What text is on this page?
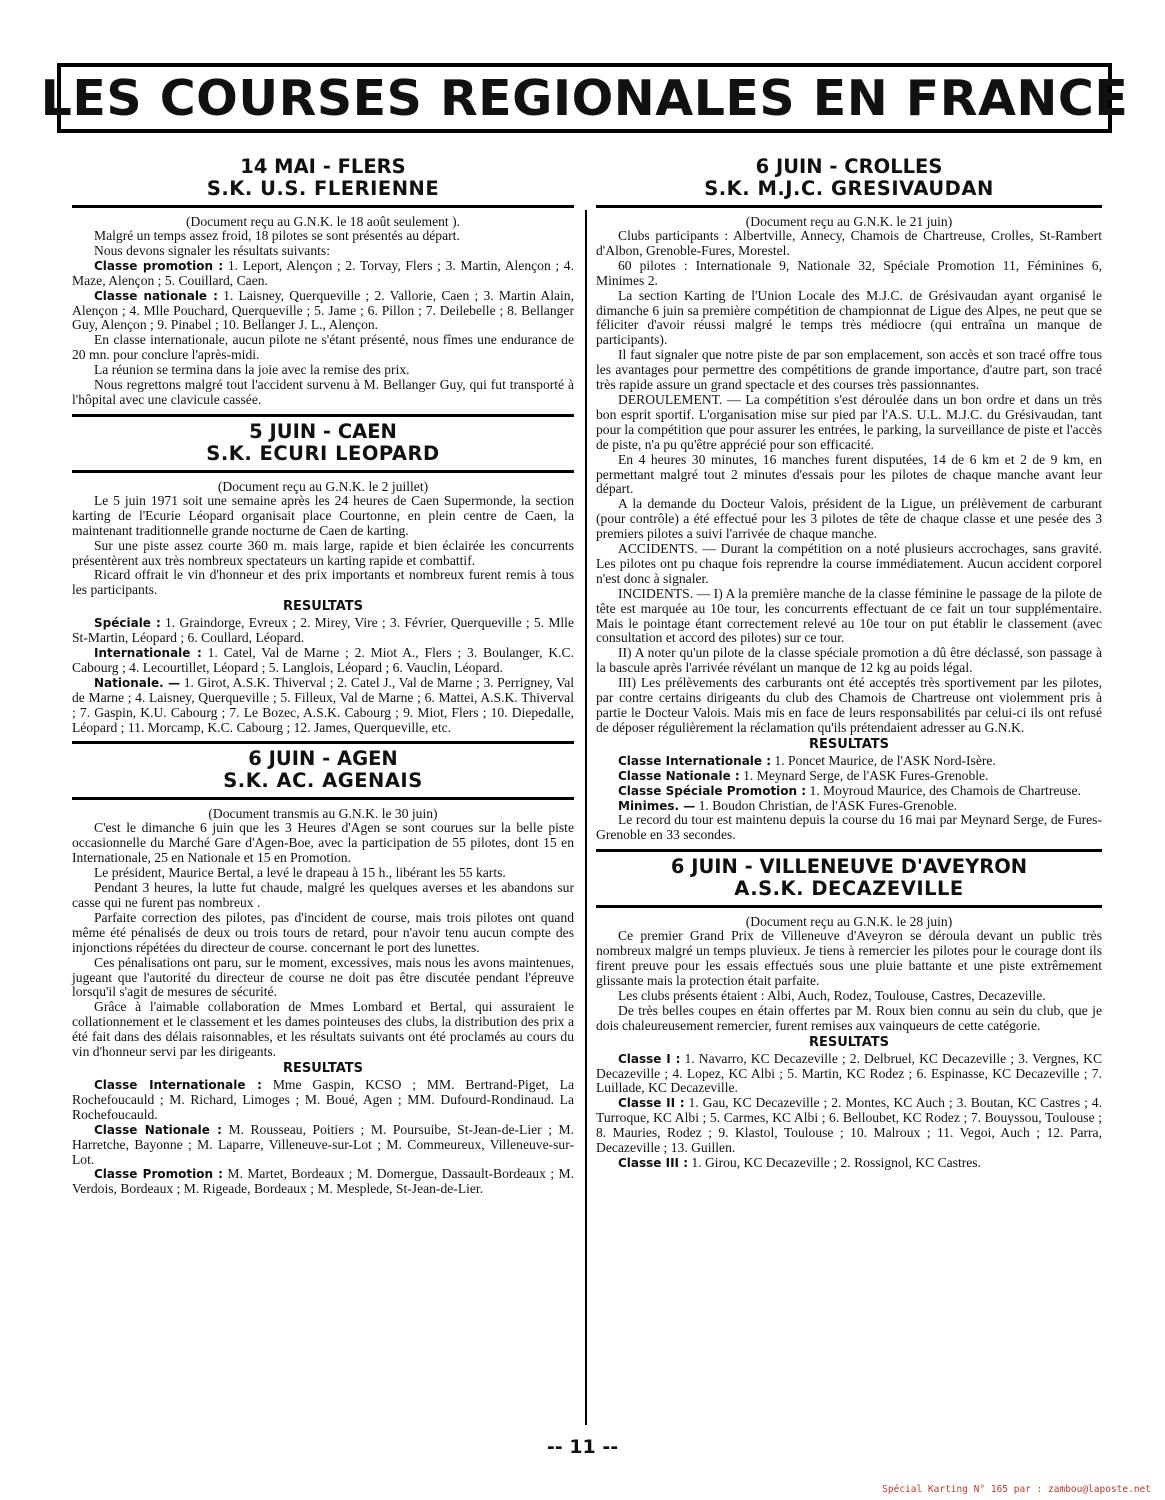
LES COURSES REGIONALES EN FRANCE
14 MAI - FLERS
S.K. U.S. FLERIENNE
(Document reçu au G.N.K. le 18 août seulement ).

Malgré un temps assez froid, 18 pilotes se sont présentés au départ.

Nous devons signaler les résultats suivants:

Classe promotion : 1. Leport, Alençon ; 2. Torvay, Flers ; 3. Martin, Alençon ; 4. Maze, Alençon ; 5. Couillard, Caen.

Classe nationale : 1. Laisney, Querqueville ; 2. Vallorie, Caen ; 3. Martin Alain, Alençon ; 4. Mlle Pouchard, Querqueville ; 5. Jame ; 6. Pillon ; 7. Deilebelle ; 8. Bellanger Guy, Alençon ; 9. Pinabel ; 10. Bellanger J. L., Alençon.

En classe internationale, aucun pilote ne s'étant présenté, nous fîmes une endurance de 20 mn. pour conclure l'après-midi.

La réunion se termina dans la joie avec la remise des prix.

Nous regrettons malgré tout l'accident survenu à M. Bellanger Guy, qui fut transporté à l'hôpital avec une clavicule cassée.

5 JUIN - CAEN
S.K. ECURI LEOPARD
(Document reçu au G.N.K. le 2 juillet)

Le 5 juin 1971 soit une semaine après les 24 heures de Caen Supermonde, la section karting de l'Ecurie Léopard organisait place Courtonne, en plein centre de Caen, la maintenant traditionnelle grande nocturne de Caen de karting.

Sur une piste assez courte 360 m. mais large, rapide et bien éclairée les concurrents présentèrent aux très nombreux spectateurs un karting rapide et combattif.

Ricard offrait le vin d'honneur et des prix importants et nombreux furent remis à tous les participants.

RESULTATS

Spéciale : 1. Graindorge, Evreux ; 2. Mirey, Vire ; 3. Février, Querqueville ; 5. Mlle St-Martin, Léopard ; 6. Coullard, Léopard.

Internationale : 1. Catel, Val de Marne ; 2. Miot A., Flers ; 3. Boulanger, K.C. Cabourg ; 4. Lecourtillet, Léopard ; 5. Langlois, Léopard ; 6. Vauclin, Léopard.

Nationale. — 1. Girot, A.S.K. Thiverval ; 2. Catel J., Val de Marne ; 3. Perrigney, Val de Marne ; 4. Laisney, Querqueville ; 5. Filleux, Val de Marne ; 6. Mattei, A.S.K. Thiverval ; 7. Gaspin, K.U. Cabourg ; 7. Le Bozec, A.S.K. Cabourg ; 9. Miot, Flers ; 10. Diepedalle, Léopard ; 11. Morcamp, K.C. Cabourg ; 12. James, Querqueville, etc.

6 JUIN - AGEN
S.K. AC. AGENAIS
(Document transmis au G.N.K. le 30 juin)

C'est le dimanche 6 juin que les 3 Heures d'Agen se sont courues sur la belle piste occasionnelle du Marché Gare d'Agen-Boe, avec la participation de 55 pilotes, dont 15 en Internationale, 25 en Nationale et 15 en Promotion.

Le président, Maurice Bertal, a levé le drapeau à 15 h., libérant les 55 karts.

Pendant 3 heures, la lutte fut chaude, malgré les quelques averses et les abandons sur casse qui ne furent pas nombreux .

Parfaite correction des pilotes, pas d'incident de course, mais trois pilotes ont quand même été pénalisés de deux ou trois tours de retard, pour n'avoir tenu aucun compte des injonctions répétées du directeur de course. concernant le port des lunettes.

Ces pénalisations ont paru, sur le moment, excessives, mais nous les avons maintenues, jugeant que l'autorité du directeur de course ne doit pas être discutée pendant l'épreuve lorsqu'il s'agit de mesures de sécurité.

Grâce à l'aimable collaboration de Mmes Lombard et Bertal, qui assuraient le collationnement et le classement et les dames pointeuses des clubs, la distribution des prix a été fait dans des délais raisonnables, et les résultats suivants ont été proclamés au cours du vin d'honneur servi par les dirigeants.

RESULTATS

Classe Internationale : Mme Gaspin, KCSO ; MM. Bertrand-Piget, La Rochefoucauld ; M. Richard, Limoges ; M. Boué, Agen ; MM. Dufourd-Rondinaud. La Rochefoucauld.

Classe Nationale : M. Rousseau, Poitiers ; M. Poursuibe, St-Jean-de-Lier ; M. Harretche, Bayonne ; M. Laparre, Villeneuve-sur-Lot ; M. Commeureux, Villeneuve-sur-Lot.

Classe Promotion : M. Martet, Bordeaux ; M. Domergue, Dassault-Bordeaux ; M. Verdois, Bordeaux ; M. Rigeade, Bordeaux ; M. Mesplede, St-Jean-de-Lier.

6 JUIN - CROLLES
S.K. M.J.C. GRESIVAUDAN
(Document reçu au G.N.K. le 21 juin)

Clubs participants : Albertville, Annecy, Chamois de Chartreuse, Crolles, St-Rambert d'Albon, Grenoble-Fures, Morestel.

60 pilotes : Internationale 9, Nationale 32, Spéciale Promotion 11, Féminines 6, Minimes 2.

La section Karting de l'Union Locale des M.J.C. de Grésivaudan ayant organisé le dimanche 6 juin sa première compétition de championnat de Ligue des Alpes, ne peut que se féliciter d'avoir réussi malgré le temps très médiocre (qui entraîna un manque de participants).

Il faut signaler que notre piste de par son emplacement, son accès et son tracé offre tous les avantages pour permettre des compétitions de grande importance, d'autre part, son tracé très rapide assure un grand spectacle et des courses très passionnantes.

DEROULEMENT. — La compétition s'est déroulée dans un bon ordre et dans un très bon esprit sportif. L'organisation mise sur pied par l'A.S. U.L. M.J.C. du Grésivaudan, tant pour la compétition que pour assurer les entrées, le parking, la surveillance de piste et l'accès de piste, n'a pu qu'être apprécié pour son efficacité.

En 4 heures 30 minutes, 16 manches furent disputées, 14 de 6 km et 2 de 9 km, en permettant malgré tout 2 minutes d'essais pour les pilotes de chaque manche avant leur départ.

A la demande du Docteur Valois, président de la Ligue, un prélèvement de carburant (pour contrôle) a été effectué pour les 3 pilotes de tête de chaque classe et une pesée des 3 premiers pilotes a suivi l'arrivée de chaque manche.

ACCIDENTS. — Durant la compétition on a noté plusieurs accrochages, sans gravité. Les pilotes ont pu chaque fois reprendre la course immédiatement. Aucun accident corporel n'est donc à signaler.

INCIDENTS. — I) A la première manche de la classe féminine le passage de la pilote de tête est marquée au 10e tour, les concurrents effectuant de ce fait un tour supplémentaire. Mais le pointage étant correctement relevé au 10e tour on put établir le classement (avec consultation et accord des pilotes) sur ce tour.

II) A noter qu'un pilote de la classe spéciale promotion a dû être déclassé, son passage à la bascule après l'arrivée révélant un manque de 12 kg au poids légal.

III) Les prélèvements des carburants ont été acceptés très sportivement par les pilotes, par contre certains dirigeants du club des Chamois de Chartreuse ont violemment pris à partie le Docteur Valois. Mais mis en face de leurs responsabilités par celui-ci ils ont refusé de déposer régulièrement la réclamation qu'ils prétendaient adresser au G.N.K.

RESULTATS

Classe Internationale : 1. Poncet Maurice, de l'ASK Nord-Isère.

Classe Nationale : 1. Meynard Serge, de l'ASK Fures-Grenoble.

Classe Spéciale Promotion : 1. Moyroud Maurice, des Chamois de Chartreuse.

Minimes. — 1. Boudon Christian, de l'ASK Fures-Grenoble.

Le record du tour est maintenu depuis la course du 16 mai par Meynard Serge, de Fures-Grenoble en 33 secondes.

6 JUIN - VILLENEUVE D'AVEYRON
A.S.K. DECAZEVILLE
(Document reçu au G.N.K. le 28 juin)

Ce premier Grand Prix de Villeneuve d'Aveyron se déroula devant un public très nombreux malgré un temps pluvieux. Je tiens à remercier les pilotes pour le courage dont ils firent preuve pour les essais effectués sous une pluie battante et une piste extrêmement glissante mais la protection était parfaite.

Les clubs présents étaient : Albi, Auch, Rodez, Toulouse, Castres, Decazeville.

De très belles coupes en étain offertes par M. Roux bien connu au sein du club, que je dois chaleureusement remercier, furent remises aux vainqueurs de cette catégorie.

RESULTATS

Classe I : 1. Navarro, KC Decazeville ; 2. Delbruel, KC Decazeville ; 3. Vergnes, KC Decazeville ; 4. Lopez, KC Albi ; 5. Martin, KC Rodez ; 6. Espinasse, KC Decazeville ; 7. Luillade, KC Decazeville.

Classe II : 1. Gau, KC Decazeville ; 2. Montes, KC Auch ; 3. Boutan, KC Castres ; 4. Turroque, KC Albi ; 5. Carmes, KC Albi ; 6. Belloubet, KC Rodez ; 7. Bouyssou, Toulouse ; 8. Mauries, Rodez ; 9. Klastol, Toulouse ; 10. Malroux ; 11. Vegoi, Auch ; 12. Parra, Decazeville ; 13. Guillen.

Classe III : 1. Girou, KC Decazeville ; 2. Rossignol, KC Castres.

-- 11 --
Spécial Karting N° 165 par : zambou@laposte.net
